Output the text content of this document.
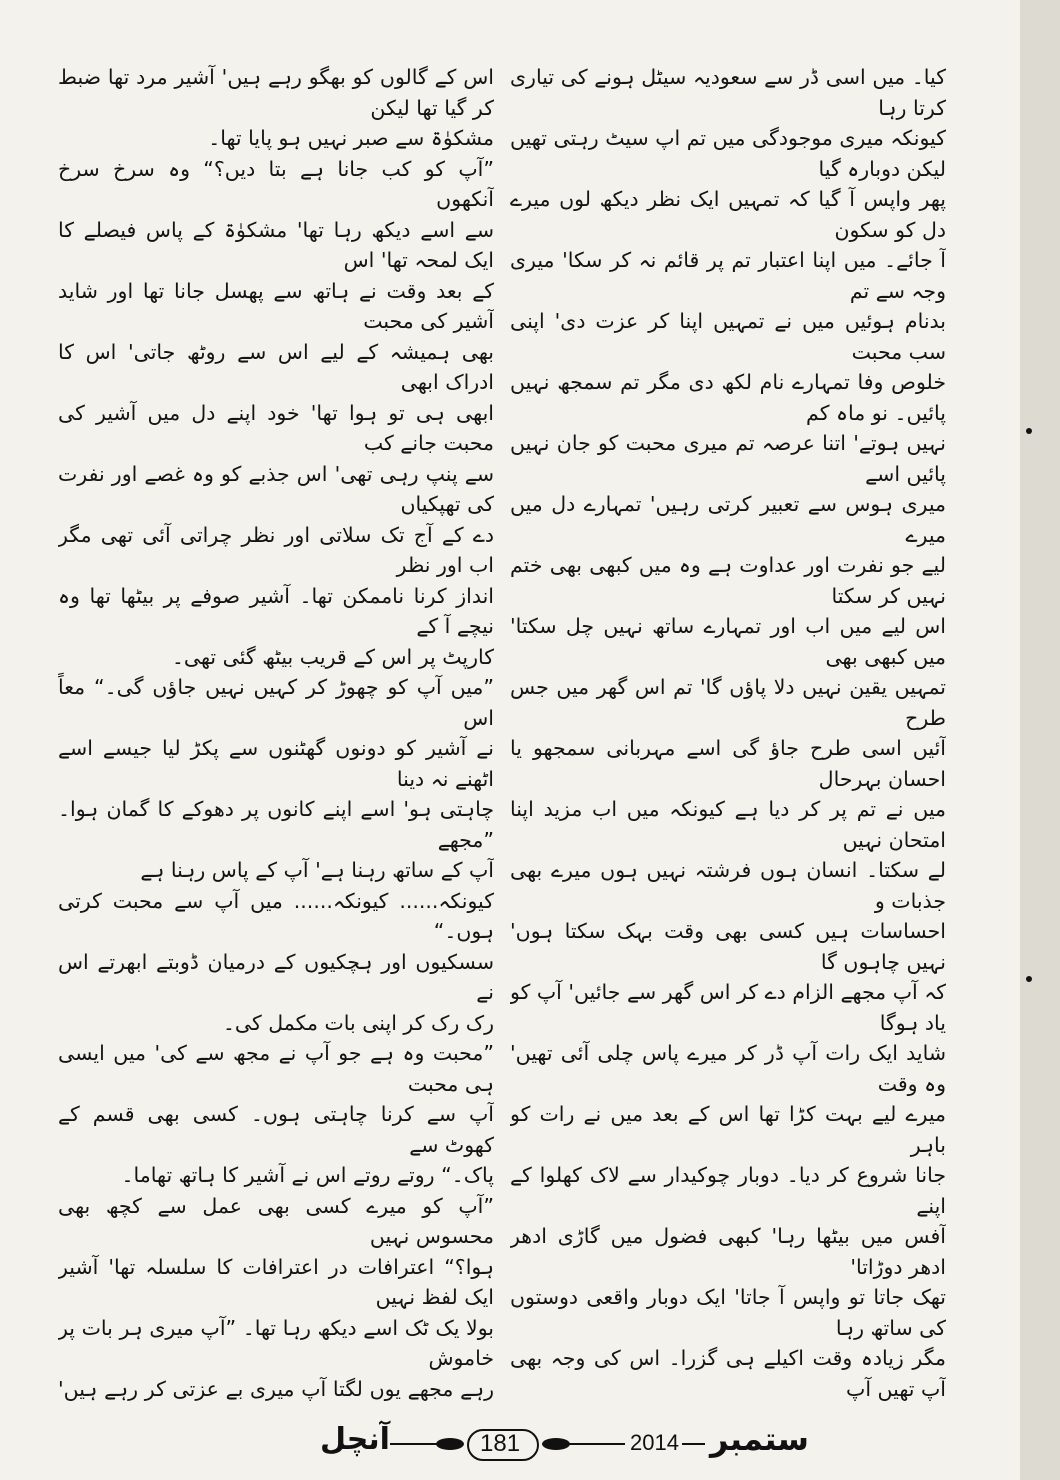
کیا۔ میں اسی ڈر سے سعودیہ سیٹل ہونے کی تیاری کرتا رہا

کیونکہ میری موجودگی میں تم اپ سیٹ رہتی تھیں لیکن دوبارہ گیا

پھر واپس آ گیا کہ تمہیں ایک نظر دیکھ لوں میرے دل کو سکون

آ جائے۔ میں اپنا اعتبار تم پر قائم نہ کر سکا' میری وجہ سے تم

بدنام ہوئیں میں نے تمہیں اپنا کر عزت دی' اپنی سب محبت

خلوص وفا تمہارے نام لکھ دی مگر تم سمجھ نہیں پائیں۔ نو ماہ کم

نہیں ہوتے' اتنا عرصہ تم میری محبت کو جان نہیں پائیں اسے

میری ہوس سے تعبیر کرتی رہیں' تمہارے دل میں میرے

لیے جو نفرت اور عداوت ہے وہ میں کبھی بھی ختم نہیں کر سکتا

اس لیے میں اب اور تمہارے ساتھ نہیں چل سکتا' میں کبھی بھی

تمہیں یقین نہیں دلا پاؤں گا' تم اس گھر میں جس طرح

آئیں اسی طرح جاؤ گی اسے مہربانی سمجھو یا احسان بہرحال

میں نے تم پر کر دیا ہے کیونکہ میں اب مزید اپنا امتحان نہیں

لے سکتا۔ انسان ہوں فرشتہ نہیں ہوں میرے بھی جذبات و

احساسات ہیں کسی بھی وقت بہک سکتا ہوں' نہیں چاہوں گا

کہ آپ مجھے الزام دے کر اس گھر سے جائیں' آپ کو یاد ہوگا

شاید ایک رات آپ ڈر کر میرے پاس چلی آئی تھیں' وہ وقت

میرے لیے بہت کڑا تھا اس کے بعد میں نے رات کو باہر

جانا شروع کر دیا۔ دوبار چوکیدار سے لاک کھلوا کے اپنے

آفس میں بیٹھا رہا' کبھی فضول میں گاڑی ادھر ادھر دوڑاتا'

تھک جاتا تو واپس آ جاتا' ایک دوبار واقعی دوستوں کی ساتھ رہا

مگر زیادہ وقت اکیلے ہی گزرا۔ اس کی وجہ بھی آپ تھیں آپ

اس کے گالوں کو بھگو رہے ہیں' آشیر مرد تھا ضبط کر گیا تھا لیکن

مشکوٰۃ سے صبر نہیں ہو پایا تھا۔

”آپ کو کب جانا ہے بتا دیں؟“ وہ سرخ سرخ آنکھوں

سے اسے دیکھ رہا تھا' مشکوٰۃ کے پاس فیصلے کا ایک لمحہ تھا' اس

کے بعد وقت نے ہاتھ سے پھسل جانا تھا اور شاید آشیر کی محبت

بھی ہمیشہ کے لیے اس سے روٹھ جاتی' اس کا ادراک ابھی

ابھی ہی تو ہوا تھا' خود اپنے دل میں آشیر کی محبت جانے کب

سے پنپ رہی تھی' اس جذبے کو وہ غصے اور نفرت کی تھپکیاں

دے کے آج تک سلاتی اور نظر چراتی آئی تھی مگر اب اور نظر

انداز کرنا ناممکن تھا۔ آشیر صوفے پر بیٹھا تھا وہ نیچے آ کے

کارپٹ پر اس کے قریب بیٹھ گئی تھی۔

”میں آپ کو چھوڑ کر کہیں نہیں جاؤں گی۔“ معاً اس

نے آشیر کو دونوں گھٹنوں سے پکڑ لیا جیسے اسے اٹھنے نہ دینا

چاہتی ہو' اسے اپنے کانوں پر دھوکے کا گمان ہوا۔ ”مجھے

آپ کے ساتھ رہنا ہے' آپ کے پاس رہنا ہے

کیونکہ...... کیونکہ...... میں آپ سے محبت کرتی ہوں۔“

سسکیوں اور ہچکیوں کے درمیان ڈوبتے ابھرتے اس نے

رک رک کر اپنی بات مکمل کی۔

”محبت وہ ہے جو آپ نے مجھ سے کی' میں ایسی ہی محبت

آپ سے کرنا چاہتی ہوں۔ کسی بھی قسم کے کھوٹ سے

پاک۔“ روتے روتے اس نے آشیر کا ہاتھ تھاما۔

”آپ کو میرے کسی بھی عمل سے کچھ بھی محسوس نہیں

ہوا؟“ اعترافات در اعترافات کا سلسلہ تھا' آشیر ایک لفظ نہیں

بولا یک ٹک اسے دیکھ رہا تھا۔ ”آپ میری ہر بات پر خاموش

رہے مجھے یوں لگتا آپ میری بے عزتی کر رہے ہیں'

آنچل	181	2014 ستمبر
